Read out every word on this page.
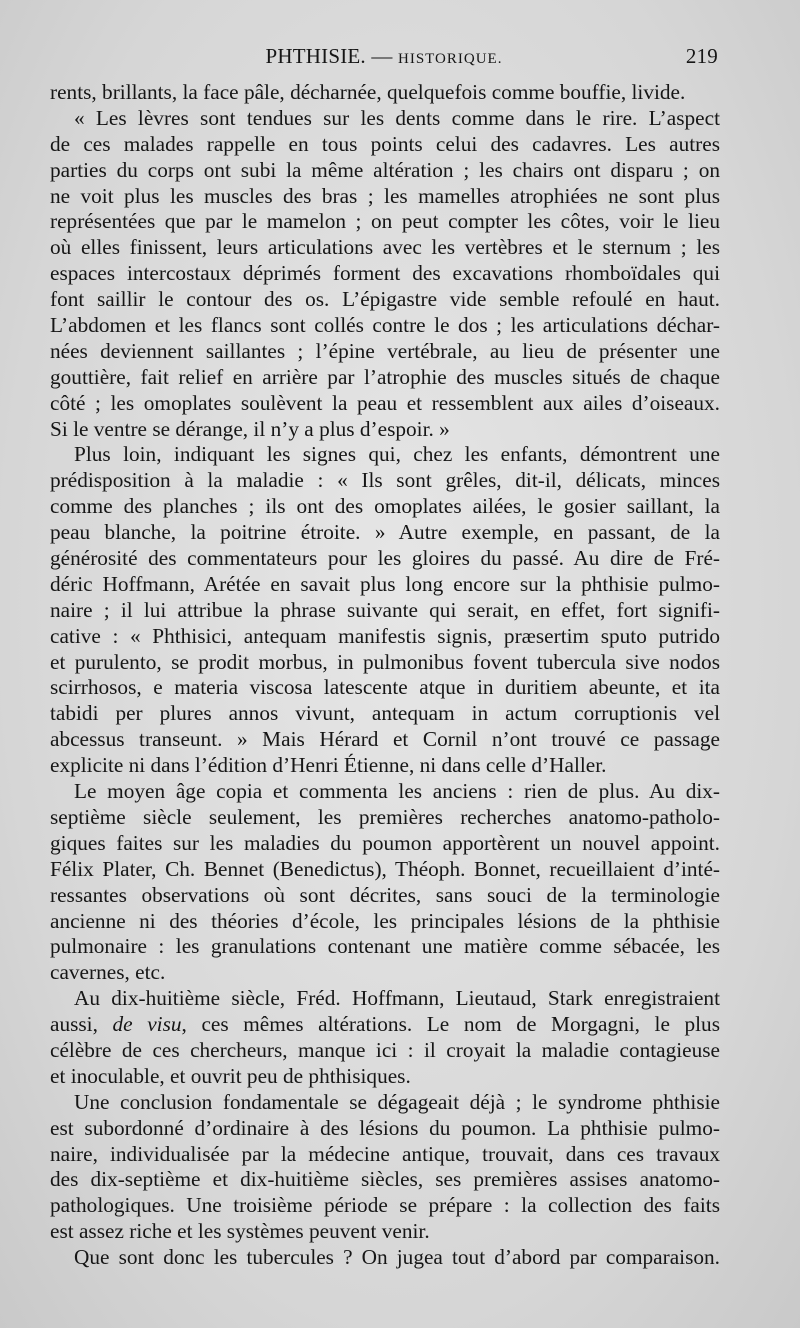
PHTHISIE. — HISTORIQUE.	219
rents, brillants, la face pâle, décharnée, quelquefois comme bouffie, livide.
« Les lèvres sont tendues sur les dents comme dans le rire. L’aspect
de ces malades rappelle en tous points celui des cadavres. Les autres
parties du corps ont subi la même altération ; les chairs ont disparu ; on
ne voit plus les muscles des bras ; les mamelles atrophiées ne sont plus
représentées que par le mamelon ; on peut compter les côtes, voir le lieu
où elles finissent, leurs articulations avec les vertèbres et le sternum ; les
espaces intercostaux déprimés forment des excavations rhomboïdales qui
font saillir le contour des os. L’épigastre vide semble refoulé en haut.
L’abdomen et les flancs sont collés contre le dos ; les articulations déchar-
nées deviennent saillantes ; l’épine vertébrale, au lieu de présenter une
gouttière, fait relief en arrière par l’atrophie des muscles situés de chaque
côté ; les omoplates soulèvent la peau et ressemblent aux ailes d’oiseaux.
Si le ventre se dérange, il n’y a plus d’espoir. »
Plus loin, indiquant les signes qui, chez les enfants, démontrent une
prédisposition à la maladie : « Ils sont grêles, dit-il, délicats, minces
comme des planches ; ils ont des omoplates ailées, le gosier saillant, la
peau blanche, la poitrine étroite. » Autre exemple, en passant, de la
générosité des commentateurs pour les gloires du passé. Au dire de Fré-
déric Hoffmann, Arétée en savait plus long encore sur la phthisie pulmo-
naire ; il lui attribue la phrase suivante qui serait, en effet, fort signifi-
cative : « Phthisici, antequam manifestis signis, præsertim sputo putrido
et purulento, se prodit morbus, in pulmonibus fovent tubercula sive nodos
scirrhosos, e materia viscosa latescente atque in duritiem abeunte, et ita
tabidi per plures annos vivunt, antequam in actum corruptionis vel
abcessus transeunt. » Mais Hérard et Cornil n’ont trouvé ce passage
explicite ni dans l’édition d’Henri Étienne, ni dans celle d’Haller.
Le moyen âge copia et commenta les anciens : rien de plus. Au dix-
septième siècle seulement, les premières recherches anatomo-patholo-
giques faites sur les maladies du poumon apportèrent un nouvel appoint.
Félix Plater, Ch. Bennet (Benedictus), Théoph. Bonnet, recueillaient d’inté-
ressantes observations où sont décrites, sans souci de la terminologie
ancienne ni des théories d’école, les principales lésions de la phthisie
pulmonaire : les granulations contenant une matière comme sébacée, les
cavernes, etc.
Au dix-huitième siècle, Fréd. Hoffmann, Lieutaud, Stark enregistraient
aussi, de visu, ces mêmes altérations. Le nom de Morgagni, le plus
célèbre de ces chercheurs, manque ici : il croyait la maladie contagieuse
et inoculable, et ouvrit peu de phthisiques.
Une conclusion fondamentale se dégageait déjà ; le syndrome phthisie
est subordonné d’ordinaire à des lésions du poumon. La phthisie pulmo-
naire, individualisée par la médecine antique, trouvait, dans ces travaux
des dix-septième et dix-huitième siècles, ses premières assises anatomo-
pathologiques. Une troisième période se prépare : la collection des faits
est assez riche et les systèmes peuvent venir.
Que sont donc les tubercules ? On jugea tout d’abord par comparaison.
